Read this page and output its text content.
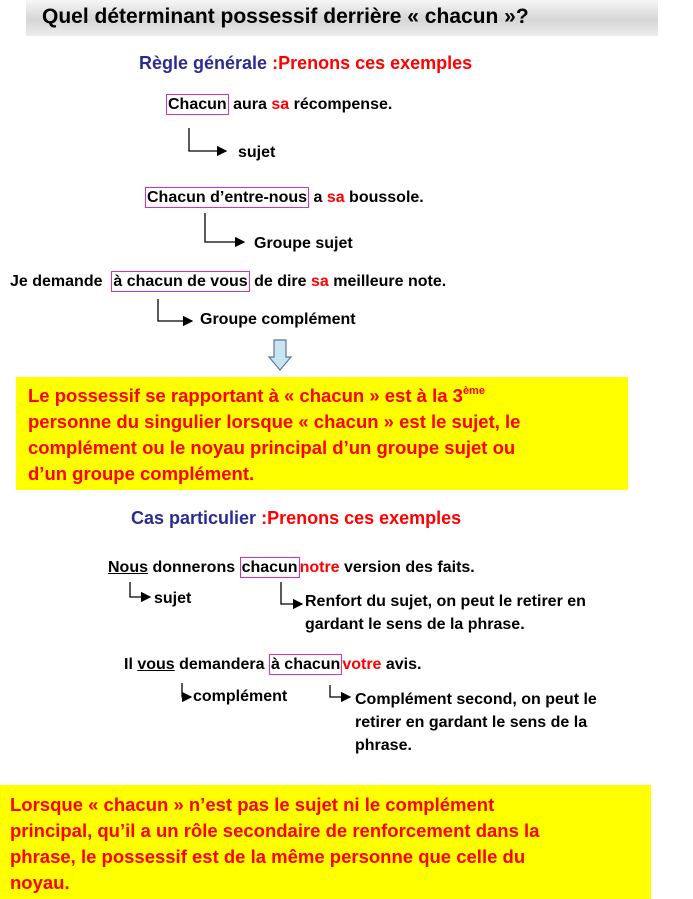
Quel déterminant possessif derrière « chacun »?
Règle générale :Prenons ces exemples
Chacun aura sa récompense.
sujet
Chacun d’entre-nous a sa boussole.
Groupe sujet
Je demande  à chacun de vous de dire sa meilleure note.
Groupe complément
Le possessif se rapportant à « chacun » est à la 3ème
personne du singulier lorsque « chacun » est le sujet, le
complément ou le noyau principal d’un groupe sujet ou
d’un groupe complément.
Cas particulier :Prenons ces exemples
Nous donnerons chacun notre version des faits.
sujet	Renfort du sujet, on peut le retirer en
gardant le sens de la phrase.
Il vous demandera à chacun votre avis.
complément	Complément second, on peut le
retirer en gardant le sens de la
phrase.
Lorsque « chacun » n’est pas le sujet ni le complément
principal, qu’il a un rôle secondaire de renforcement dans la
phrase, le possessif est de la même personne que celle du
noyau.
